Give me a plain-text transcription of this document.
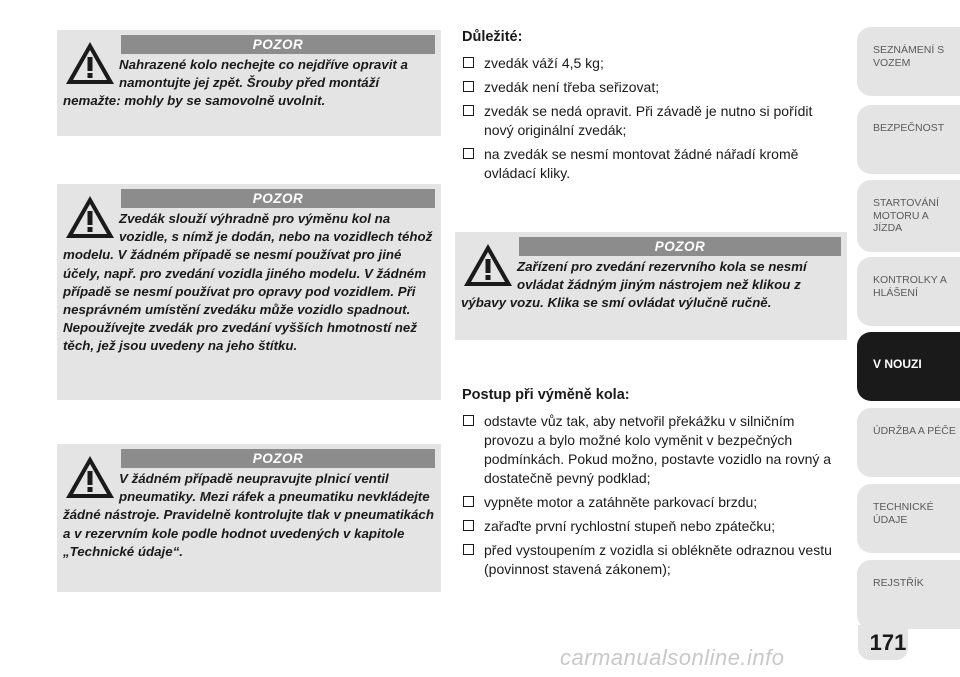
POZOR
Nahrazené kolo nechejte co nejdříve opravit a namontujte jej zpět. Šrouby před montáží nemažte: mohly by se samovolně uvolnit.
POZOR
Zvedák slouží výhradně pro výměnu kol na vozidle, s nímž je dodán, nebo na vozidlech téhož modelu. V žádném případě se nesmí používat pro jiné účely, např. pro zvedání vozidla jiného modelu. V žádném případě se nesmí používat pro opravy pod vozidlem. Při nesprávném umístění zvedáku může vozidlo spadnout. Nepoužívejte zvedák pro zvedání vyšších hmotností než těch, jež jsou uvedeny na jeho štítku.
POZOR
V žádném případě neupravujte plnicí ventil pneumatiky. Mezi ráfek a pneumatiku nevkládejte žádné nástroje. Pravidelně kontrolujte tlak v pneumatikách a v rezervním kole podle hodnot uvedených v kapitole „Technické údaje“.
Důležité:
zvedák váží 4,5 kg;
zvedák není třeba seřizovat;
zvedák se nedá opravit. Při závadě je nutno si pořídit nový originální zvedák;
na zvedák se nesmí montovat žádné nářadí kromě ovládací kliky.
POZOR
Zařízení pro zvedání rezervního kola se nesmí ovládat žádným jiným nástrojem než klikou z výbavy vozu. Klika se smí ovládat výlučně ručně.
Postup při výměně kola:
odstavte vůz tak, aby netvořil překážku v silničním provozu a bylo možné kolo vyměnit v bezpečných podmínkách. Pokud možno, postavte vozidlo na rovný a dostatečně pevný podklad;
vypněte motor a zatáhněte parkovací brzdu;
zařaďte první rychlostní stupeň nebo zpátečku;
před vystoupením z vozidla si oblékněte odraznou vestu (povinnost stavená zákonem);
SEZNÁMENÍ S VOZEM
BEZPEČNOST
STARTOVÁNÍ MOTORU A JÍZDA
KONTROLKY A HLÁŠENÍ
V NOUZI
ÚDRŽBA A PÉČE
TECHNICKÉ ÚDAJE
REJSTŘÍK
171
carmanualsonline.info
